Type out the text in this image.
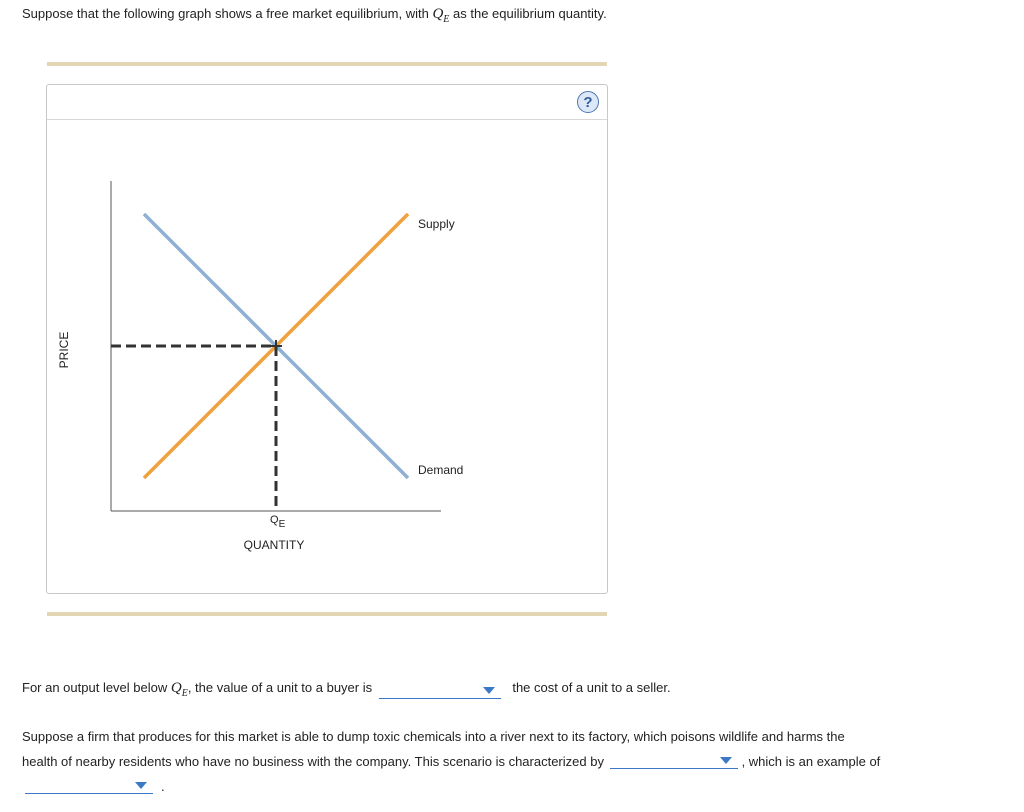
Suppose that the following graph shows a free market equilibrium, with $Q_E$ as the equilibrium quantity.
?
Supply
Demand
QE
QUANTITY
PRICE
For an output level below $Q_E$, the value of a unit to a buyer is	the cost of a unit to a seller.
Suppose a firm that produces for this market is able to dump toxic chemicals into a river next to its factory, which poisons wildlife and harms the
health of nearby residents who have no business with the company. This scenario is characterized by	, which is an example of
.
